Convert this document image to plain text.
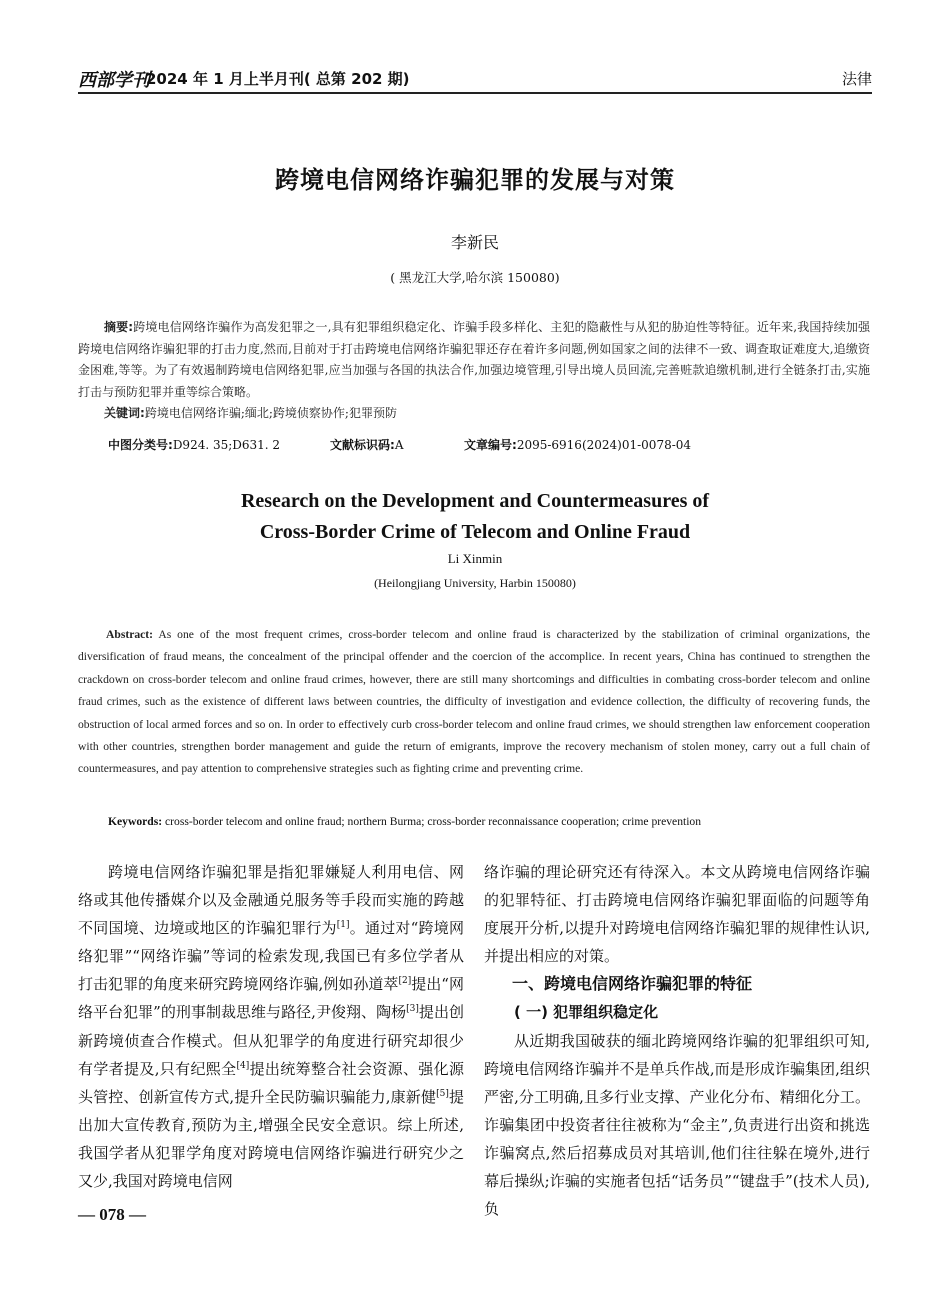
西部学刊
2024 年 1 月上半月刊( 总第 202 期)	法律
跨境电信网络诈骗犯罪的发展与对策
李新民
( 黑龙江大学,哈尔滨 150080)
摘要:跨境电信网络诈骗作为高发犯罪之一,具有犯罪组织稳定化、诈骗手段多样化、主犯的隐蔽性与从犯的胁迫性等特征。近年来,我国持续加强跨境电信网络诈骗犯罪的打击力度,然而,目前对于打击跨境电信网络诈骗犯罪还存在着许多问题,例如国家之间的法律不一致、调查取证难度大,追缴资金困难,等等。为了有效遏制跨境电信网络犯罪,应当加强与各国的执法合作,加强边境管理,引导出境人员回流,完善赃款追缴机制,进行全链条打击,实施打击与预防犯罪并重等综合策略。
关键词:跨境电信网络诈骗;缅北;跨境侦察协作;犯罪预防
中图分类号:D924. 35;D631. 2	文献标识码:A	文章编号:2095-6916(2024)01-0078-04
Research on the Development and Countermeasures of
Cross-Border Crime of Telecom and Online Fraud
Li Xinmin
(Heilongjiang University, Harbin 150080)

Abstract: As one of the most frequent crimes, cross-border telecom and online fraud is characterized by the stabilization of criminal organizations, the diversification of fraud means, the concealment of the principal offender and the coercion of the accomplice. In recent years, China has continued to strengthen the crackdown on cross-border telecom and online fraud crimes, however, there are still many shortcomings and difficulties in combating cross-border telecom and online fraud crimes, such as the existence of different laws between countries, the difficulty of investigation and evidence collection, the difficulty of recovering funds, the obstruction of local armed forces and so on. In order to effectively curb cross-border telecom and online fraud crimes, we should strengthen law enforcement cooperation with other countries, strengthen border management and guide the return of emigrants, improve the recovery mechanism of stolen money, carry out a full chain of countermeasures, and pay attention to comprehensive strategies such as fighting crime and preventing crime.

Keywords: cross-border telecom and online fraud; northern Burma; cross-border reconnaissance cooperation; crime prevention

跨境电信网络诈骗犯罪是指犯罪嫌疑人利用电信、网络或其他传播媒介以及金融通兑服务等手段而实施的跨越不同国境、边境或地区的诈骗犯罪行为[1]。通过对“跨境网络犯罪”“网络诈骗”等词的检索发现,我国已有多位学者从打击犯罪的角度来研究跨境网络诈骗,例如孙道萃[2]提出“网络平台犯罪”的刑事制裁思维与路径,尹俊翔、陶杨[3]提出创新跨境侦查合作模式。但从犯罪学的角度进行研究却很少有学者提及,只有纪熙全[4]提出统筹整合社会资源、强化源头管控、创新宣传方式,提升全民防骗识骗能力,康新健[5]提出加大宣传教育,预防为主,增强全民安全意识。综上所述,我国学者从犯罪学角度对跨境电信网络诈骗进行研究少之又少,我国对跨境电信网

络诈骗的理论研究还有待深入。本文从跨境电信网络诈骗的犯罪特征、打击跨境电信网络诈骗犯罪面临的问题等角度展开分析,以提升对跨境电信网络诈骗犯罪的规律性认识,并提出相应的对策。

一、跨境电信网络诈骗犯罪的特征

( 一) 犯罪组织稳定化

从近期我国破获的缅北跨境网络诈骗的犯罪组织可知,跨境电信网络诈骗并不是单兵作战,而是形成诈骗集团,组织严密,分工明确,且多行业支撑、产业化分布、精细化分工。诈骗集团中投资者往往被称为“金主”,负责进行出资和挑选诈骗窝点,然后招募成员对其培训,他们往往躲在境外,进行幕后操纵;诈骗的实施者包括“话务员”“键盘手”(技术人员),负

— 078 —
